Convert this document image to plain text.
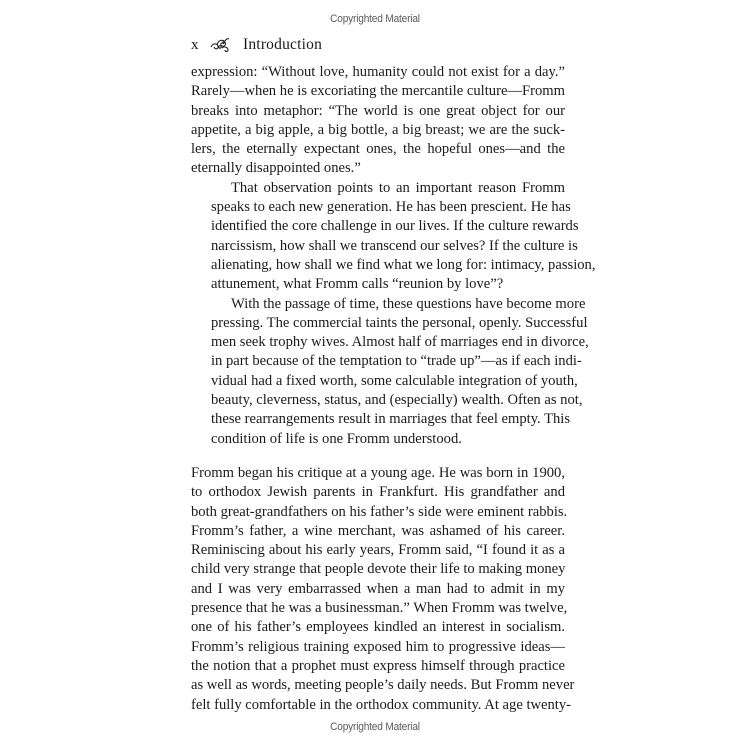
Copyrighted Material
x	Introduction

expression: “Without love, humanity could not exist for a day.”
Rarely—when he is excoriating the mercantile culture—Fromm
breaks into metaphor: “The world is one great object for our
appetite, a big apple, a big bottle, a big breast; we are the suck-
lers, the eternally expectant ones, the hopeful ones—and the
eternally disappointed ones.”

That observation points to an important reason Fromm
speaks to each new generation. He has been prescient. He has
identified the core challenge in our lives. If the culture rewards
narcissism, how shall we transcend our selves? If the culture is
alienating, how shall we find what we long for: intimacy, passion,
attunement, what Fromm calls “reunion by love”?

With the passage of time, these questions have become more
pressing. The commercial taints the personal, openly. Successful
men seek trophy wives. Almost half of marriages end in divorce,
in part because of the temptation to “trade up”—as if each indi-
vidual had a fixed worth, some calculable integration of youth,
beauty, cleverness, status, and (especially) wealth. Often as not,
these rearrangements result in marriages that feel empty. This
condition of life is one Fromm understood.

Fromm began his critique at a young age. He was born in 1900,
to orthodox Jewish parents in Frankfurt. His grandfather and
both great-grandfathers on his father’s side were eminent rabbis.
Fromm’s father, a wine merchant, was ashamed of his career.
Reminiscing about his early years, Fromm said, “I found it as a
child very strange that people devote their life to making money
and I was very embarrassed when a man had to admit in my
presence that he was a businessman.” When Fromm was twelve,
one of his father’s employees kindled an interest in socialism.
Fromm’s religious training exposed him to progressive ideas—
the notion that a prophet must express himself through practice
as well as words, meeting people’s daily needs. But Fromm never
felt fully comfortable in the orthodox community. At age twenty-

Copyrighted Material
